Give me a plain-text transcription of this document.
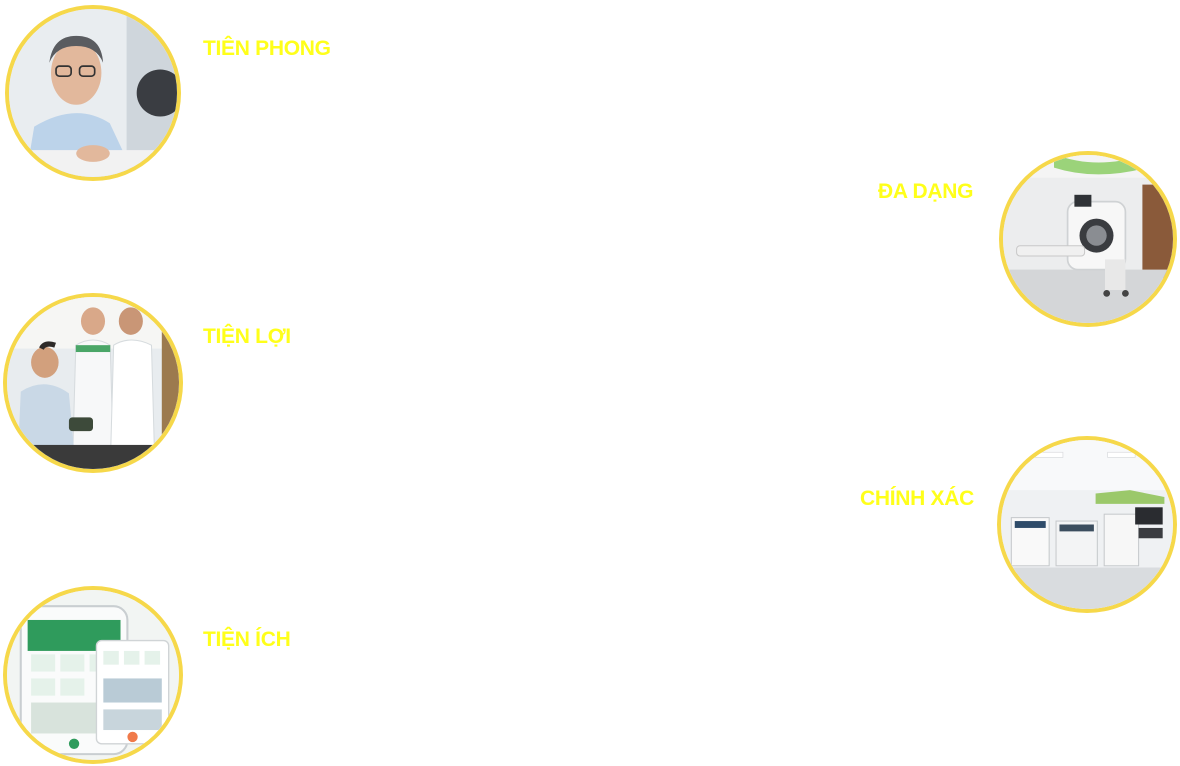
TIÊN PHONG
ĐA DẠNG
TIỆN LỢI
CHÍNH XÁC
TIỆN ÍCH
